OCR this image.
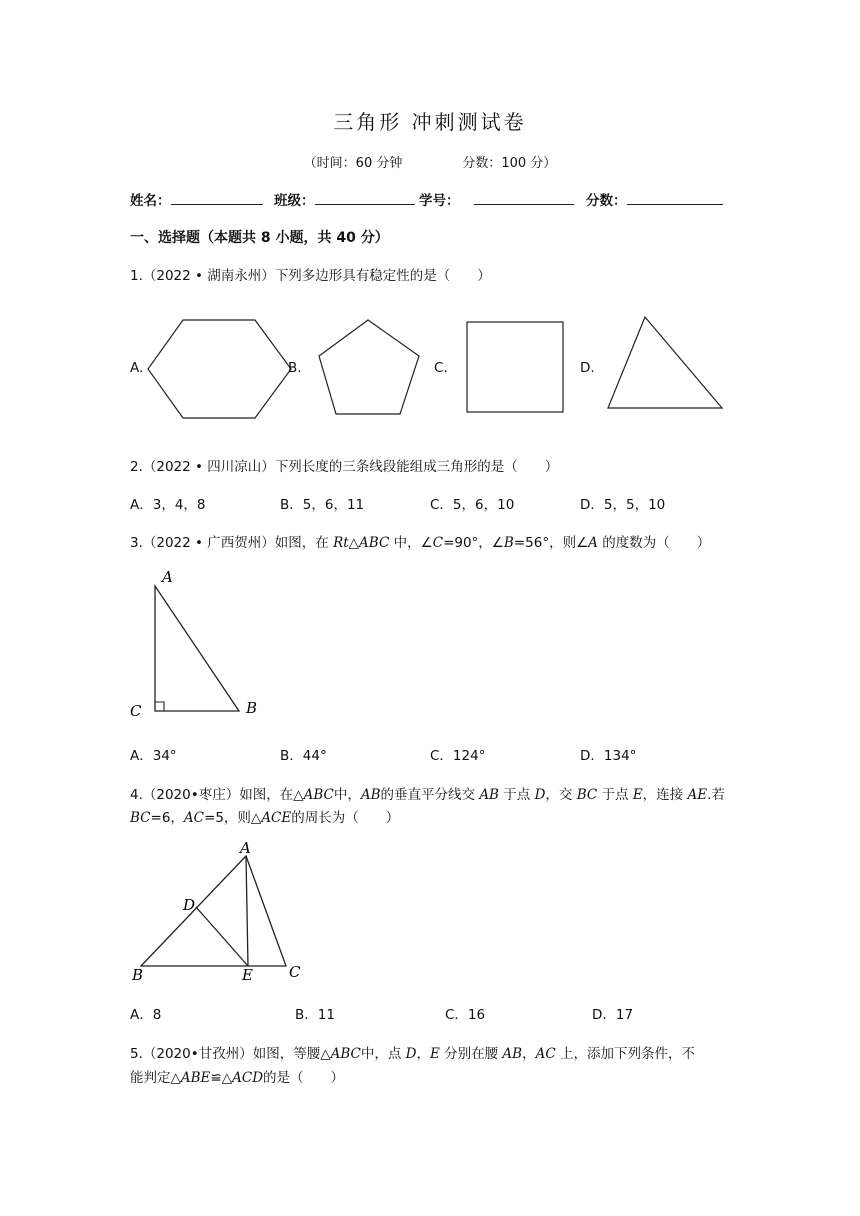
三角形 冲刺测试卷
（时间：60 分钟	分数：100 分）
姓名：	班级：	学号：	分数：
一、选择题（本题共 8 小题，共 40 分）
1.（2022 • 湖南永州）下列多边形具有稳定性的是（　　）
A.	B.	C.	D.
2.（2022 • 四川凉山）下列长度的三条线段能组成三角形的是（　　）
A．3，4，8	B．5，6，11	C．5，6，10	D．5，5，10
3.（2022 • 广西贺州）如图，在 Rt△ABC 中，∠C=90°，∠B=56°，则∠A 的度数为（　　）
A
C	B
A．34°	B．44°	C．124°	D．134°
4.（2020•枣庄）如图，在△ABC中，AB的垂直平分线交 AB 于点 D，交 BC 于点 E，连接 AE.若
BC=6，AC=5，则△ACE的周长为（　　）
A
D
B	E C
A．8	B．11	C．16	D．17
5.（2020•甘孜州）如图，等腰△ABC中，点 D，E 分别在腰 AB，AC 上，添加下列条件，不
能判定△ABE≌△ACD的是（　　）
